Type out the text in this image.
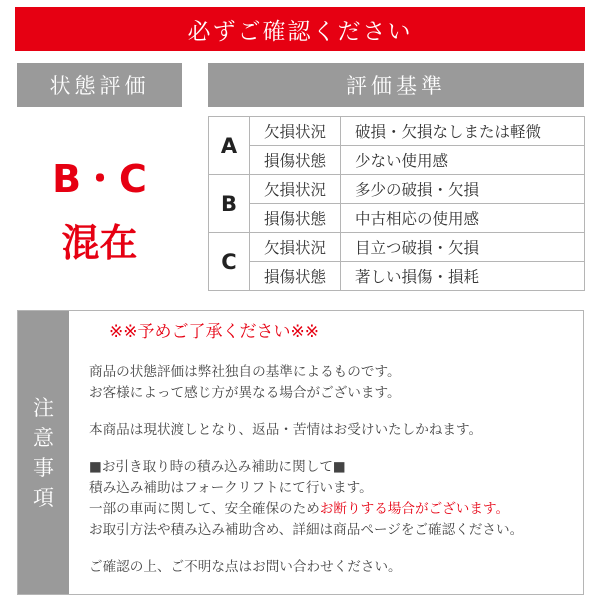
必ずご確認ください
状態評価	評価基準
B・C
混在
A	欠損状況	破損・欠損なしまたは軽微
	損傷状態	少ない使用感
B	欠損状況	多少の破損・欠損
	損傷状態	中古相応の使用感
C	欠損状況	目立つ破損・欠損
	損傷状態	著しい損傷・損耗
注
意
事
項

※※予めご了承ください※※

商品の状態評価は弊社独自の基準によるものです。

お客様によって感じ方が異なる場合がございます。

本商品は現状渡しとなり、返品・苦情はお受けいたしかねます。

■お引き取り時の積み込み補助に関して■

積み込み補助はフォークリフトにて行います。

一部の車両に関して、安全確保のためお断りする場合がございます。

お取引方法や積み込み補助含め、詳細は商品ページをご確認ください。

ご確認の上、ご不明な点はお問い合わせください。
